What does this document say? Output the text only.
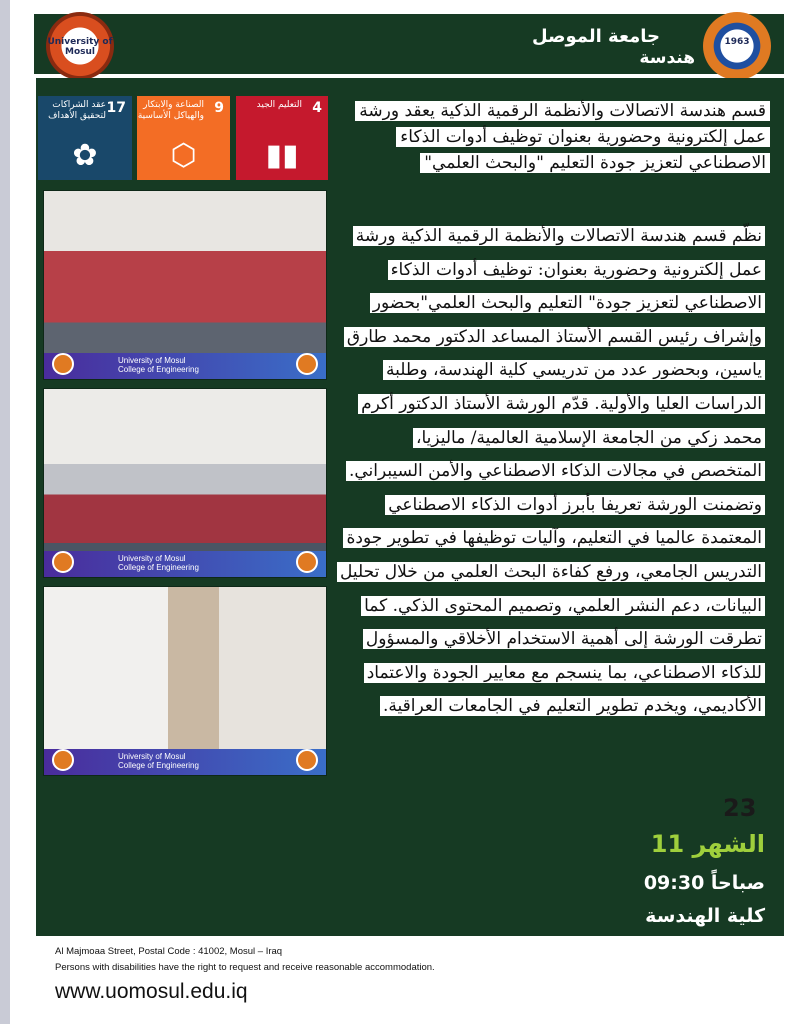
University of Mosul
1963
جامعة الموصل
هندسة
4
التعليم الجيد
▮▮
9
الصناعة والابتكار والهياكل الأساسية
⬡
17
عقد الشراكات لتحقيق الأهداف
✿
University of Mosul
College of Engineering
University of Mosul
College of Engineering
University of Mosul
College of Engineering
قسم هندسة الاتصالات والأنظمة الرقمية الذكية يعقد ورشة عمل إلكترونية وحضورية بعنوان توظيف أدوات الذكاء الاصطناعي لتعزيز جودة التعليم "والبحث العلمي"
نظّم قسم هندسة الاتصالات والأنظمة الرقمية الذكية ورشة عمل إلكترونية وحضورية بعنوان: توظيف أدوات الذكاء الاصطناعي لتعزيز جودة" التعليم والبحث العلمي"بحضور وإشراف رئيس القسم الأستاذ المساعد الدكتور محمد طارق ياسين، وبحضور عدد من تدريسي كلية الهندسة، وطلبة الدراسات العليا والأولية. قدّم الورشة الأستاذ الدكتور أكرم محمد زكي من الجامعة الإسلامية العالمية/ ماليزيا، المتخصص في مجالات الذكاء الاصطناعي والأمن السيبراني. وتضمنت الورشة تعريفا بأبرز أدوات الذكاء الاصطناعي المعتمدة عالميا في التعليم، وآليات توظيفها في تطوير جودة التدريس الجامعي، ورفع كفاءة البحث العلمي من خلال تحليل البيانات، دعم النشر العلمي، وتصميم المحتوى الذكي. كما تطرقت الورشة إلى أهمية الاستخدام الأخلاقي والمسؤول للذكاء الاصطناعي، بما ينسجم مع معايير الجودة والاعتماد الأكاديمي، ويخدم تطوير التعليم في الجامعات العراقية.
23
الشهر 11
صباحاً 09:30
كلية الهندسة
Al Majmoaa Street, Postal Code : 41002, Mosul – Iraq
Persons with disabilities have the right to request and receive reasonable accommodation.
www.uomosul.edu.iq
